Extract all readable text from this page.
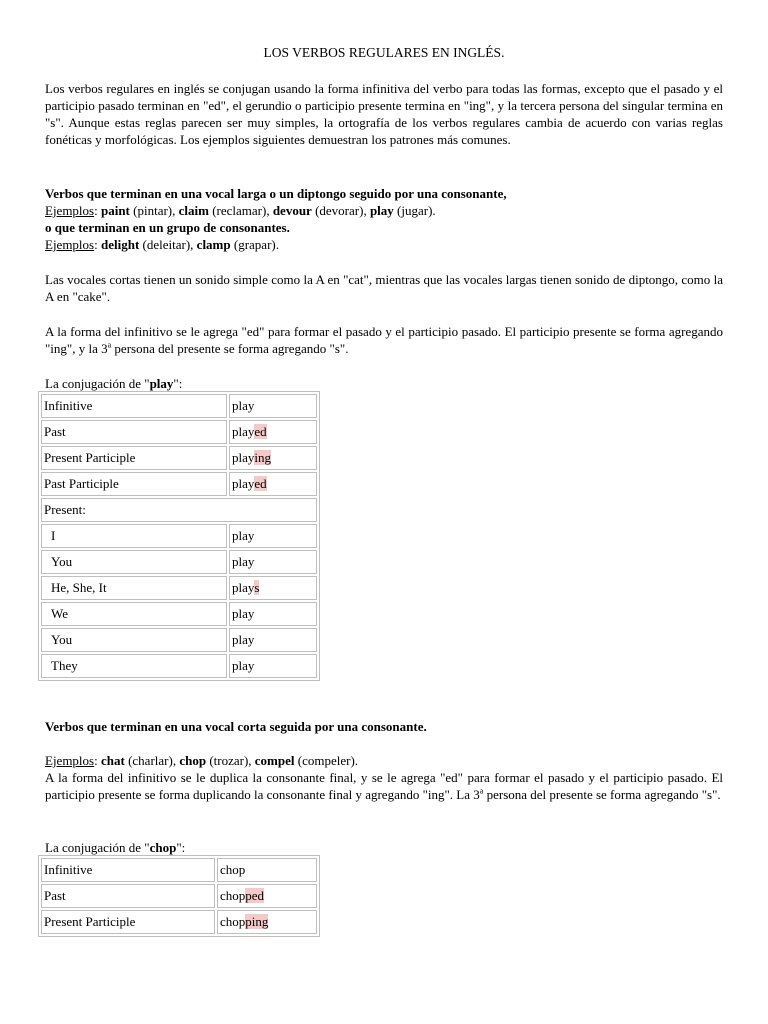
LOS VERBOS REGULARES EN INGLÉS.

Los verbos regulares en inglés se conjugan usando la forma infinitiva del verbo para todas las formas, excepto que el pasado y el participio pasado terminan en "ed", el gerundio o participio presente termina en "ing", y la tercera persona del singular termina en "s". Aunque estas reglas parecen ser muy simples, la ortografía de los verbos regulares cambia de acuerdo con varias reglas fonéticas y morfológicas. Los ejemplos siguientes demuestran los patrones más comunes.

Verbos que terminan en una vocal larga o un diptongo seguido por una consonante,

Ejemplos: paint (pintar), claim (reclamar), devour (devorar), play (jugar).
o que terminan en un grupo de consonantes.
Ejemplos: delight (deleitar), clamp (grapar).

Las vocales cortas tienen un sonido simple como la A en "cat", mientras que las vocales largas tienen sonido de diptongo, como la A en "cake".

A la forma del infinitivo se le agrega "ed" para formar el pasado y el participio pasado. El participio presente se forma agregando "ing", y la 3$^a$ persona del presente se forma agregando "s".

La conjugación de "play":
Infinitive	play
Past	played
Present Participle	playing
Past Participle	played
Present:	
I	play
You	play
He, She, It	plays
We	play
You	play
They	play
Verbos que terminan en una vocal corta seguida por una consonante.
Ejemplos: chat (charlar), chop (trozar), compel (compeler).

A la forma del infinitivo se le duplica la consonante final, y se le agrega "ed" para formar el pasado y el participio pasado. El participio presente se forma duplicando la consonante final y agregando "ing". La 3$^a$ persona del presente se forma agregando "s".

La conjugación de "chop":
Infinitive	chop
Past	chopped
Present Participle	chopping
